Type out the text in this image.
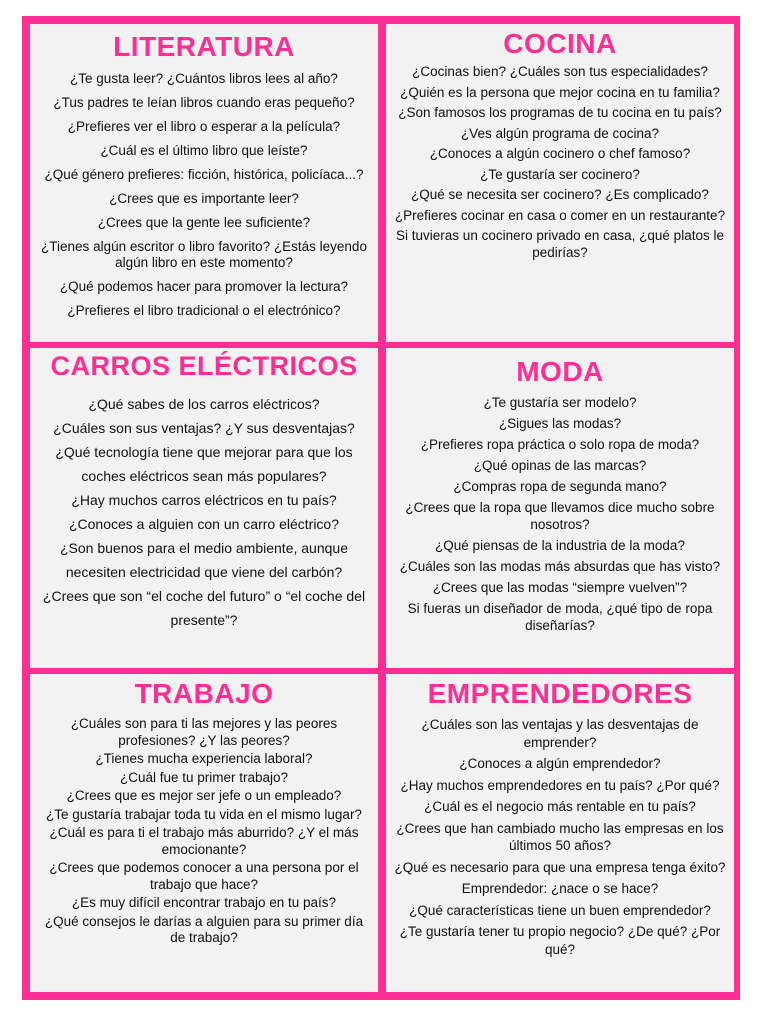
LITERATURA
¿Te gusta leer? ¿Cuántos libros lees al año?
¿Tus padres te leían libros cuando eras pequeño?
¿Prefieres ver el libro o esperar a la película?
¿Cuál es el último libro que leíste?
¿Qué género prefieres: ficción, histórica, policíaca...?
¿Crees que es importante leer?
¿Crees que la gente lee suficiente?
¿Tienes algún escritor o libro favorito? ¿Estás leyendo algún libro en este momento?
¿Qué podemos hacer para promover la lectura?
¿Prefieres el libro tradicional o el electrónico?
COCINA
¿Cocinas bien? ¿Cuáles son tus especialidades?
¿Quién es la persona que mejor cocina en tu familia?
¿Son famosos los programas de tu cocina en tu país?
¿Ves algún programa de cocina?
¿Conoces a algún cocinero o chef famoso?
¿Te gustaría ser cocinero?
¿Qué se necesita ser cocinero? ¿Es complicado?
¿Prefieres cocinar en casa o comer en un restaurante?
Si tuvieras un cocinero privado en casa, ¿qué platos le pedirías?
CARROS ELÉCTRICOS
¿Qué sabes de los carros eléctricos?
¿Cuáles son sus ventajas? ¿Y sus desventajas?
¿Qué tecnología tiene que mejorar para que los coches eléctricos sean más populares?
¿Hay muchos carros eléctricos en tu país?
¿Conoces a alguien con un carro eléctrico?
¿Son buenos para el medio ambiente, aunque necesiten electricidad que viene del carbón?
¿Crees que son “el coche del futuro” o “el coche del presente”?
MODA
¿Te gustaría ser modelo?
¿Sigues las modas?
¿Prefieres ropa práctica o solo ropa de moda?
¿Qué opinas de las marcas?
¿Compras ropa de segunda mano?
¿Crees que la ropa que llevamos dice mucho sobre nosotros?
¿Qué piensas de la industria de la moda?
¿Cuáles son las modas más absurdas que has visto?
¿Crees que las modas “siempre vuelven”?
Si fueras un diseñador de moda, ¿qué tipo de ropa diseñarías?
TRABAJO
¿Cuáles son para ti las mejores y las peores profesiones? ¿Y las peores?
¿Tienes mucha experiencia laboral?
¿Cuál fue tu primer trabajo?
¿Crees que es mejor ser jefe o un empleado?
¿Te gustaría trabajar toda tu vida en el mismo lugar?
¿Cuál es para ti el trabajo más aburrido? ¿Y el más emocionante?
¿Crees que podemos conocer a una persona por el trabajo que hace?
¿Es muy difícil encontrar trabajo en tu país?
¿Qué consejos le darías a alguien para su primer día de trabajo?
EMPRENDEDORES
¿Cuáles son las ventajas y las desventajas de emprender?
¿Conoces a algún emprendedor?
¿Hay muchos emprendedores en tu país? ¿Por qué?
¿Cuál es el negocio más rentable en tu país?
¿Crees que han cambiado mucho las empresas en los últimos 50 años?
¿Qué es necesario para que una empresa tenga éxito?
Emprendedor: ¿nace o se hace?
¿Qué características tiene un buen emprendedor?
¿Te gustaría tener tu propio negocio? ¿De qué? ¿Por qué?
